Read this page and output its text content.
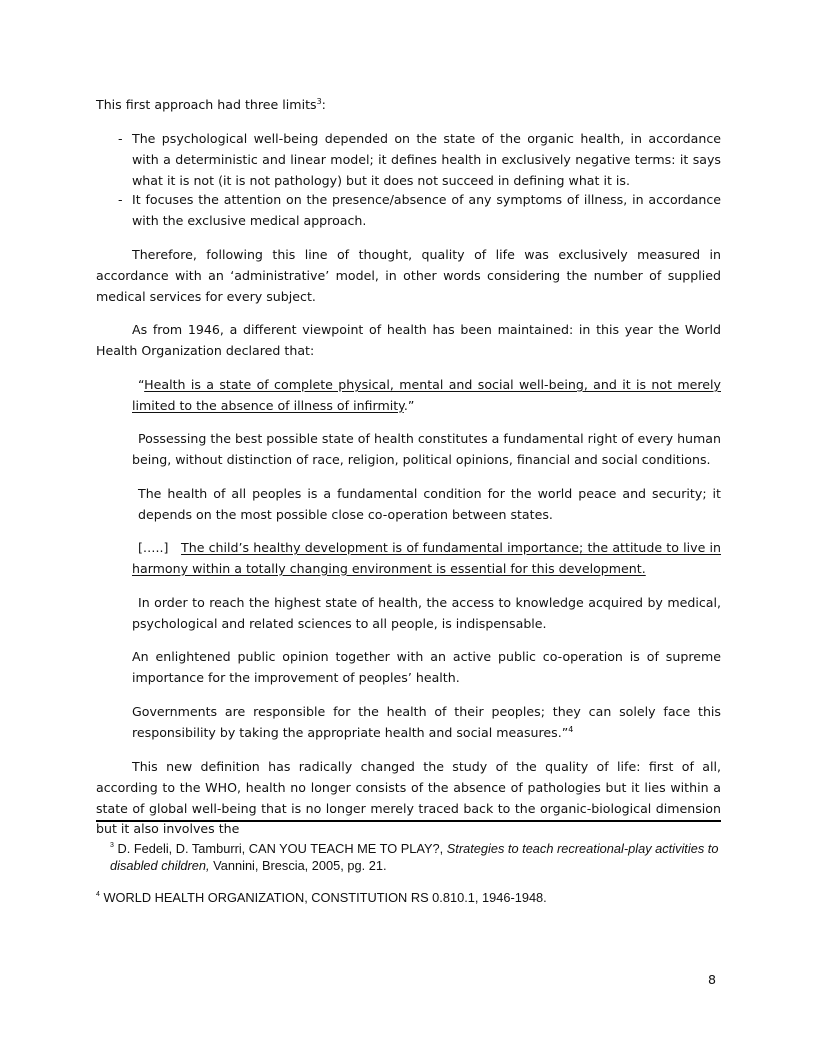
This first approach had three limits$^3$:

- The psychological well-being depended on the state of the organic health, in accordance with a deterministic and linear model; it defines health in exclusively negative terms: it says what it is not (it is not pathology) but it does not succeed in defining what it is.

- It focuses the attention on the presence/absence of any symptoms of illness, in accordance with the exclusive medical approach.

Therefore, following this line of thought, quality of life was exclusively measured in accordance with an ‘administrative’ model, in other words considering the number of supplied medical services for every subject.

As from 1946, a different viewpoint of health has been maintained: in this year the World Health Organization declared that:

“Health is a state of complete physical, mental and social well-being, and it is not merely limited to the absence of illness of infirmity.”

Possessing the best possible state of health constitutes a fundamental right of every human being, without distinction of race, religion, political opinions, financial and social conditions.

The health of all peoples is a fundamental condition for the world peace and security; it depends on the most possible close co-operation between states.

[…..] The child’s healthy development is of fundamental importance; the attitude to live in harmony within a totally changing environment is essential for this development.

In order to reach the highest state of health, the access to knowledge acquired by medical, psychological and related sciences to all people, is indispensable.

An enlightened public opinion together with an active public co-operation is of supreme importance for the improvement of peoples’ health.

Governments are responsible for the health of their peoples; they can solely face this responsibility by taking the appropriate health and social measures.”$^4$

This new definition has radically changed the study of the quality of life: first of all, according to the WHO, health no longer consists of the absence of pathologies but it lies within a state of global well-being that is no longer merely traced back to the organic-biological dimension but it also involves the

$^3$ D. Fedeli, D. Tamburri, CAN YOU TEACH ME TO PLAY?, Strategies to teach recreational-play activities to disabled children, Vannini, Brescia, 2005, pg. 21.

$^4$ WORLD HEALTH ORGANIZATION, CONSTITUTION RS 0.810.1, 1946-1948.

8
